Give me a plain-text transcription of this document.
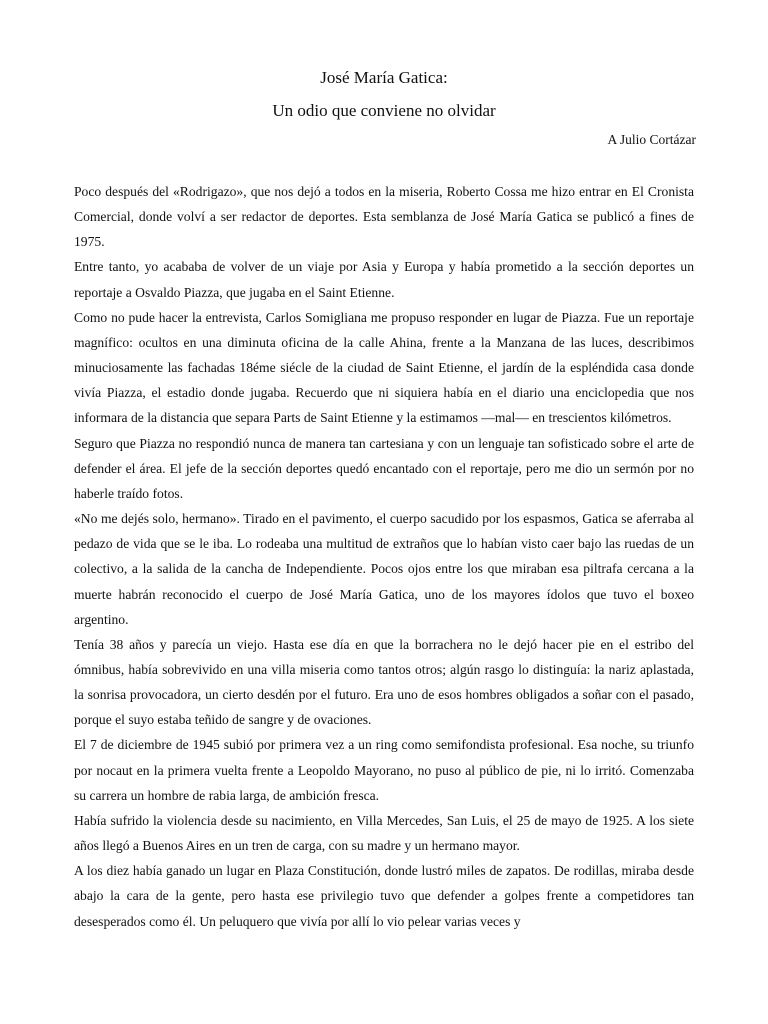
José María Gatica:
Un odio que conviene no olvidar
A Julio Cortázar

Poco después del «Rodrigazo», que nos dejó a todos en la miseria, Roberto Cossa me hizo entrar en El Cronista Comercial, donde volví a ser redactor de deportes. Esta semblanza de José María Gatica se publicó a fines de 1975.

Entre tanto, yo acababa de volver de un viaje por Asia y Europa y había prometido a la sección deportes un reportaje a Osvaldo Piazza, que jugaba en el Saint Etienne.

Como no pude hacer la entrevista, Carlos Somigliana me propuso responder en lugar de Piazza. Fue un reportaje magnífico: ocultos en una diminuta oficina de la calle Ahina, frente a la Manzana de las luces, describimos minuciosamente las fachadas 18éme siécle de la ciudad de Saint Etienne, el jardín de la espléndida casa donde vivía Piazza, el estadio donde jugaba. Recuerdo que ni siquiera había en el diario una enciclopedia que nos informara de la distancia que separa Parts de Saint Etienne y la estimamos —mal— en trescientos kilómetros.

Seguro que Piazza no respondió nunca de manera tan cartesiana y con un lenguaje tan sofisticado sobre el arte de defender el área. El jefe de la sección deportes quedó encantado con el reportaje, pero me dio un sermón por no haberle traído fotos.

«No me dejés solo, hermano». Tirado en el pavimento, el cuerpo sacudido por los espasmos, Gatica se aferraba al pedazo de vida que se le iba. Lo rodeaba una multitud de extraños que lo habían visto caer bajo las ruedas de un colectivo, a la salida de la cancha de Independiente. Pocos ojos entre los que miraban esa piltrafa cercana a la muerte habrán reconocido el cuerpo de José María Gatica, uno de los mayores ídolos que tuvo el boxeo argentino.

Tenía 38 años y parecía un viejo. Hasta ese día en que la borrachera no le dejó hacer pie en el estribo del ómnibus, había sobrevivido en una villa miseria como tantos otros; algún rasgo lo distinguía: la nariz aplastada, la sonrisa provocadora, un cierto desdén por el futuro. Era uno de esos hombres obligados a soñar con el pasado, porque el suyo estaba teñido de sangre y de ovaciones.

El 7 de diciembre de 1945 subió por primera vez a un ring como semifondista profesional. Esa noche, su triunfo por nocaut en la primera vuelta frente a Leopoldo Mayorano, no puso al público de pie, ni lo irritó. Comenzaba su carrera un hombre de rabia larga, de ambición fresca.

Había sufrido la violencia desde su nacimiento, en Villa Mercedes, San Luis, el 25 de mayo de 1925. A los siete años llegó a Buenos Aires en un tren de carga, con su madre y un hermano mayor.

A los diez había ganado un lugar en Plaza Constitución, donde lustró miles de zapatos. De rodillas, miraba desde abajo la cara de la gente, pero hasta ese privilegio tuvo que defender a golpes frente a competidores tan desesperados como él. Un peluquero que vivía por allí lo vio pelear varias veces y
